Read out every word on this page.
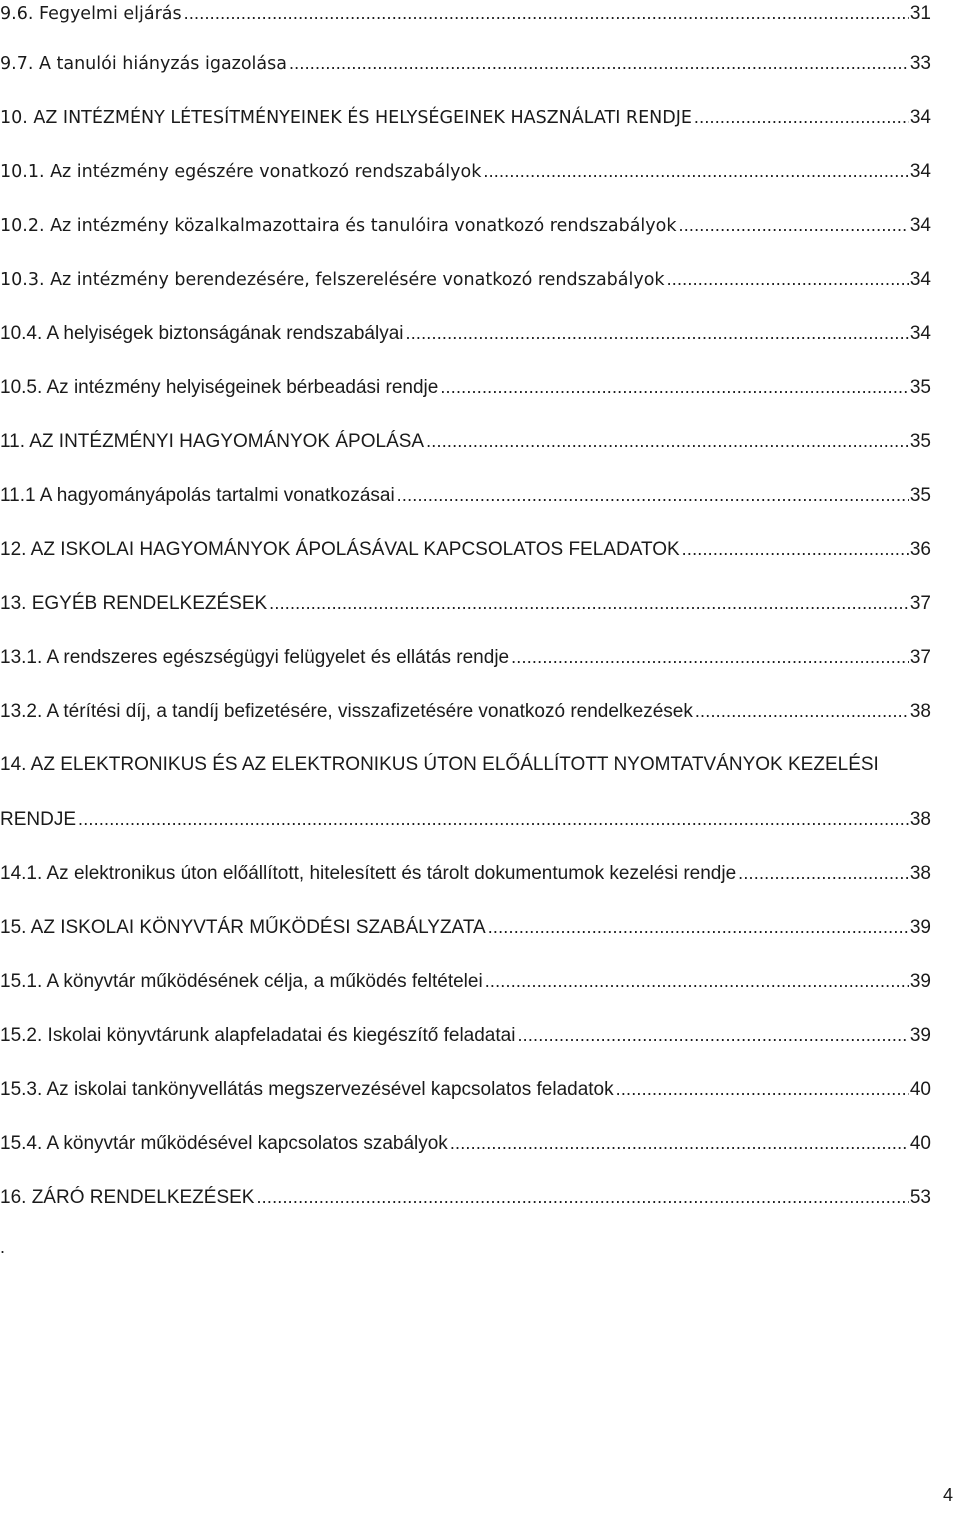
9.6. Fegyelmi eljárás .....	31
9.7. A tanulói hiányzás igazolása .....	33
10. AZ INTÉZMÉNY LÉTESÍTMÉNYEINEK ÉS HELYSÉGEINEK HASZNÁLATI RENDJE .....	34
10.1. Az intézmény egészére vonatkozó rendszabályok .....	34
10.2. Az intézmény közalkalmazottaira és tanulóira vonatkozó rendszabályok .....	34
10.3. Az intézmény berendezésére, felszerelésére vonatkozó rendszabályok .....	34
10.4. A helyiségek biztonságának rendszabályai .....	34
10.5. Az intézmény helyiségeinek bérbeadási rendje .....	35
11. AZ INTÉZMÉNYI HAGYOMÁNYOK ÁPOLÁSA .....	35
11.1 A hagyományápolás tartalmi vonatkozásai .....	35
12. AZ ISKOLAI HAGYOMÁNYOK ÁPOLÁSÁVAL KAPCSOLATOS FELADATOK .....	36
13. EGYÉB RENDELKEZÉSEK .....	37
13.1. A rendszeres egészségügyi felügyelet és ellátás rendje .....	37
13.2. A térítési díj, a tandíj befizetésére, visszafizetésére vonatkozó rendelkezések .....	38
14. AZ ELEKTRONIKUS ÉS AZ ELEKTRONIKUS ÚTON ELŐÁLLÍTOTT NYOMTATVÁNYOK KEZELÉSI
RENDJE .....	38
14.1. Az elektronikus úton előállított, hitelesített és tárolt dokumentumok kezelési rendje .....	38
15. AZ ISKOLAI KÖNYVTÁR MŰKÖDÉSI SZABÁLYZATA .....	39
15.1. A könyvtár működésének célja, a működés feltételei .....	39
15.2. Iskolai könyvtárunk alapfeladatai és kiegészítő feladatai .....	39
15.3. Az iskolai tankönyvellátás megszervezésével kapcsolatos feladatok .....	40
15.4. A könyvtár működésével kapcsolatos szabályok .....	40
16. ZÁRÓ RENDELKEZÉSEK .....	53
.
4
